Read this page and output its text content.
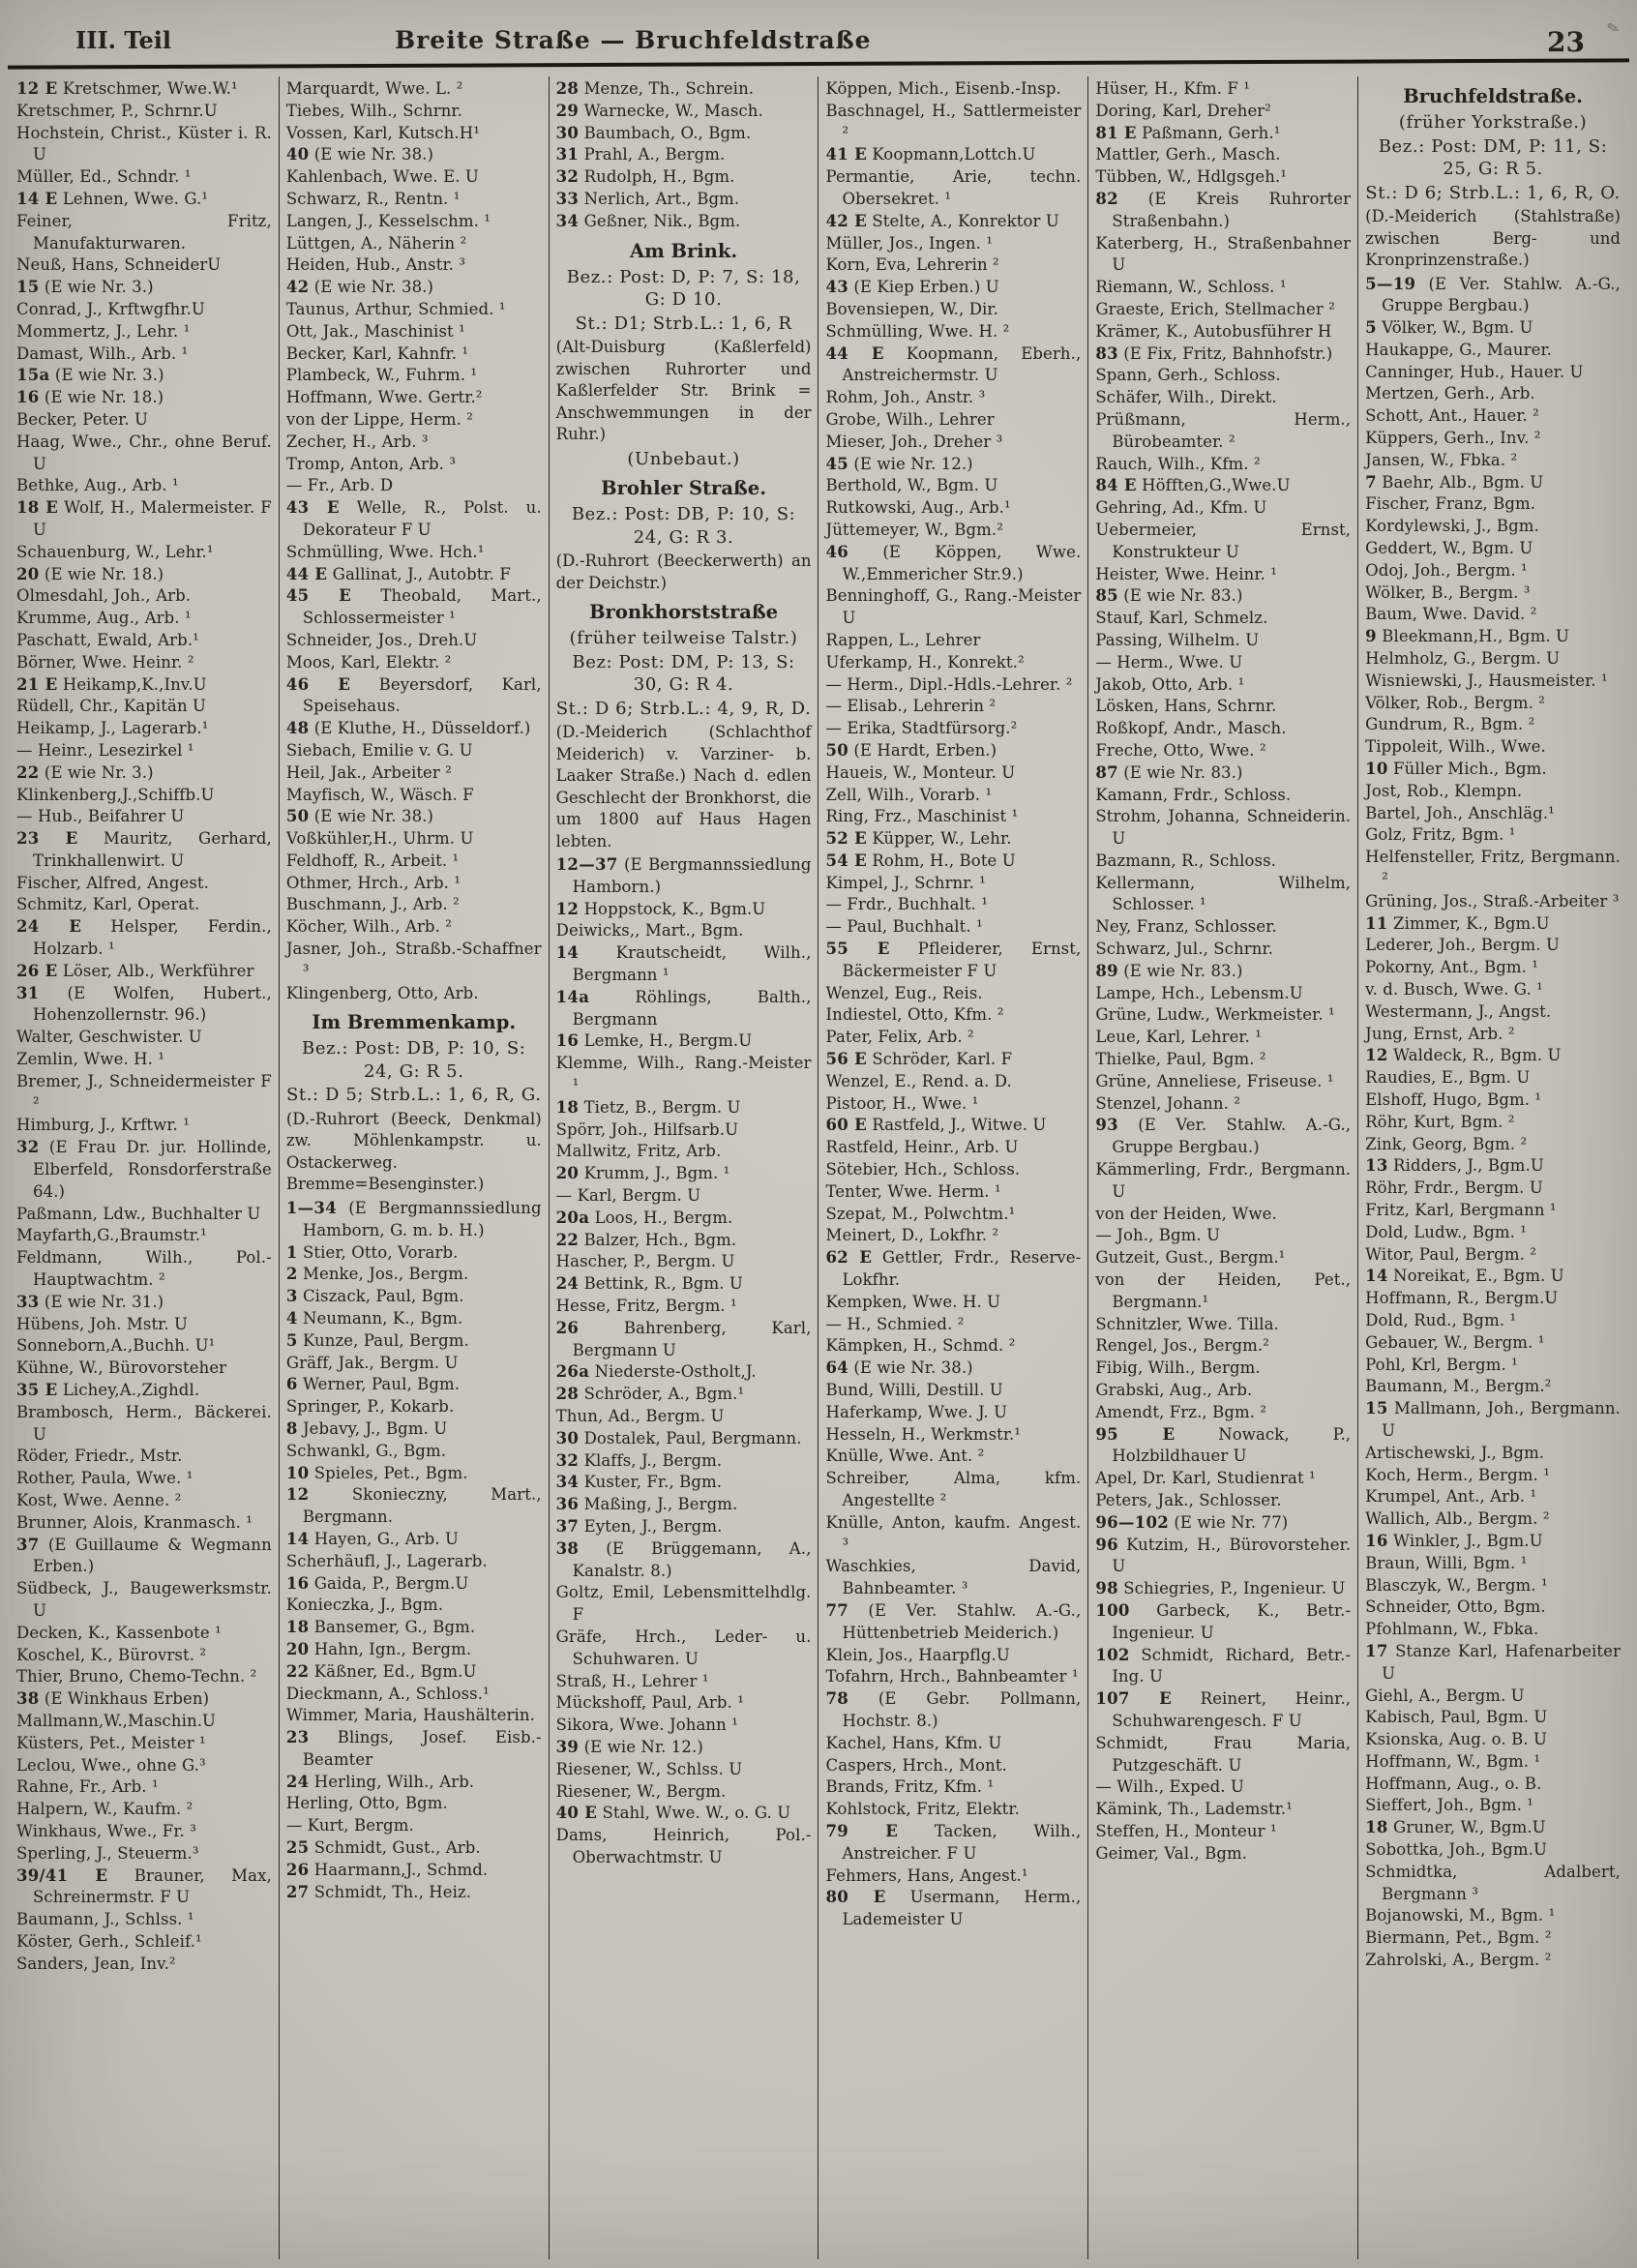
III. Teil	Breite Straße — Bruchfeldstraße	23 ✎

12 E Kretschmer, Wwe.W.¹

Kretschmer, P., Schrnr.U

Hochstein, Christ., Küster i. R. U

Müller, Ed., Schndr. ¹

14 E Lehnen, Wwe. G.¹

Feiner, Fritz, Manufakturwaren.

Neuß, Hans, SchneiderU

15 (E wie Nr. 3.)

Conrad, J., Krftwgfhr.U

Mommertz, J., Lehr. ¹

Damast, Wilh., Arb. ¹

15a (E wie Nr. 3.)

16 (E wie Nr. 18.)

Becker, Peter. U

Haag, Wwe., Chr., ohne Beruf. U

Bethke, Aug., Arb. ¹

18 E Wolf, H., Malermeister. F U

Schauenburg, W., Lehr.¹

20 (E wie Nr. 18.)

Olmesdahl, Joh., Arb.

Krumme, Aug., Arb. ¹

Paschatt, Ewald, Arb.¹

Börner, Wwe. Heinr. ²

21 E Heikamp,K.,Inv.U

Rüdell, Chr., Kapitän U

Heikamp, J., Lagerarb.¹

— Heinr., Lesezirkel ¹

22 (E wie Nr. 3.)

Klinkenberg,J.,Schiffb.U

— Hub., Beifahrer U

23 E Mauritz, Gerhard, Trinkhallenwirt. U

Fischer, Alfred, Angest.

Schmitz, Karl, Operat.

24 E Helsper, Ferdin., Holzarb. ¹

26 E Löser, Alb., Werkführer

31 (E Wolfen, Hubert., Hohenzollernstr. 96.)

Walter, Geschwister. U

Zemlin, Wwe. H. ¹

Bremer, J., Schneidermeister F ²

Himburg, J., Krftwr. ¹

32 (E Frau Dr. jur. Hollinde, Elberfeld, Ronsdorferstraße 64.)

Paßmann, Ldw., Buchhalter U

Mayfarth,G.,Braumstr.¹

Feldmann, Wilh., Pol.-Hauptwachtm. ²

33 (E wie Nr. 31.)

Hübens, Joh. Mstr. U

Sonneborn,A.,Buchh. U¹

Kühne, W., Bürovorsteher

35 E Lichey,A.,Zighdl.

Brambosch, Herm., Bäckerei. U

Röder, Friedr., Mstr.

Rother, Paula, Wwe. ¹

Kost, Wwe. Aenne. ²

Brunner, Alois, Kranmasch. ¹

37 (E Guillaume & Wegmann Erben.)

Südbeck, J., Baugewerksmstr. U

Decken, K., Kassenbote ¹

Koschel, K., Bürovrst. ²

Thier, Bruno, Chemo-Techn. ²

38 (E Winkhaus Erben)

Mallmann,W.,Maschin.U

Küsters, Pet., Meister ¹

Leclou, Wwe., ohne G.³

Rahne, Fr., Arb. ¹

Halpern, W., Kaufm. ²

Winkhaus, Wwe., Fr. ³

Sperling, J., Steuerm.³

39/41 E Brauner, Max, Schreinermstr. F U

Baumann, J., Schlss. ¹

Köster, Gerh., Schleif.¹

Sanders, Jean, Inv.²

Marquardt, Wwe. L. ²

Tiebes, Wilh., Schrnr.

Vossen, Karl, Kutsch.H¹

40 (E wie Nr. 38.)

Kahlenbach, Wwe. E. U

Schwarz, R., Rentn. ¹

Langen, J., Kesselschm. ¹

Lüttgen, A., Näherin ²

Heiden, Hub., Anstr. ³

42 (E wie Nr. 38.)

Taunus, Arthur, Schmied. ¹

Ott, Jak., Maschinist ¹

Becker, Karl, Kahnfr. ¹

Plambeck, W., Fuhrm. ¹

Hoffmann, Wwe. Gertr.²

von der Lippe, Herm. ²

Zecher, H., Arb. ³

Tromp, Anton, Arb. ³

— Fr., Arb. D

43 E Welle, R., Polst. u. Dekorateur F U

Schmülling, Wwe. Hch.¹

44 E Gallinat, J., Autobtr. F

45 E Theobald, Mart., Schlossermeister ¹

Schneider, Jos., Dreh.U

Moos, Karl, Elektr. ²

46 E Beyersdorf, Karl, Speisehaus.

48 (E Kluthe, H., Düsseldorf.)

Siebach, Emilie v. G. U

Heil, Jak., Arbeiter ²

Mayfisch, W., Wäsch. F

50 (E wie Nr. 38.)

Voßkühler,H., Uhrm. U

Feldhoff, R., Arbeit. ¹

Othmer, Hrch., Arb. ¹

Buschmann, J., Arb. ²

Köcher, Wilh., Arb. ²

Jasner, Joh., Straßb.-Schaffner ³

Klingenberg, Otto, Arb.

Im Bremmenkamp.

Bez.: Post: DB, P: 10, S: 24, G: R 5.

St.: D 5; Strb.L.: 1, 6, R, G.

(D.-Ruhrort (Beeck, Denkmal) zw. Möhlenkampstr. u. Ostackerweg. Bremme=Besenginster.)

1—34 (E Bergmannssiedlung Hamborn, G. m. b. H.)

1 Stier, Otto, Vorarb.

2 Menke, Jos., Bergm.

3 Ciszack, Paul, Bgm.

4 Neumann, K., Bgm.

5 Kunze, Paul, Bergm.

Gräff, Jak., Bergm. U

6 Werner, Paul, Bgm.

Springer, P., Kokarb.

8 Jebavy, J., Bgm. U

Schwankl, G., Bgm.

10 Spieles, Pet., Bgm.

12 Skonieczny, Mart., Bergmann.

14 Hayen, G., Arb. U

Scherhäufl, J., Lagerarb.

16 Gaida, P., Bergm.U

Konieczka, J., Bgm.

18 Bansemer, G., Bgm.

20 Hahn, Ign., Bergm.

22 Käßner, Ed., Bgm.U

Dieckmann, A., Schloss.¹

Wimmer, Maria, Haushälterin.

23 Blings, Josef. Eisb.-Beamter

24 Herling, Wilh., Arb.

Herling, Otto, Bgm.

— Kurt, Bergm.

25 Schmidt, Gust., Arb.

26 Haarmann,J., Schmd.

27 Schmidt, Th., Heiz.

28 Menze, Th., Schrein.

29 Warnecke, W., Masch.

30 Baumbach, O., Bgm.

31 Prahl, A., Bergm.

32 Rudolph, H., Bgm.

33 Nerlich, Art., Bgm.

34 Geßner, Nik., Bgm.

Am Brink.

Bez.: Post: D, P: 7, S: 18, G: D 10.

St.: D1; Strb.L.: 1, 6, R

(Alt-Duisburg (Kaßlerfeld) zwischen Ruhrorter und Kaßlerfelder Str. Brink = Anschwemmungen in der Ruhr.)

(Unbebaut.)

Brohler Straße.

Bez.: Post: DB, P: 10, S: 24, G: R 3.

(D.-Ruhrort (Beeckerwerth) an der Deichstr.)

Bronkhorststraße

(früher teilweise Talstr.)

Bez: Post: DM, P: 13, S: 30, G: R 4.

St.: D 6; Strb.L.: 4, 9, R, D.

(D.-Meiderich (Schlachthof Meiderich) v. Varziner- b. Laaker Straße.) Nach d. edlen Geschlecht der Bronkhorst, die um 1800 auf Haus Hagen lebten.

12—37 (E Bergmannssiedlung Hamborn.)

12 Hoppstock, K., Bgm.U

Deiwicks,, Mart., Bgm.

14 Krautscheidt, Wilh., Bergmann ¹

14a Röhlings, Balth., Bergmann

16 Lemke, H., Bergm.U

Klemme, Wilh., Rang.-Meister ¹

18 Tietz, B., Bergm. U

Spörr, Joh., Hilfsarb.U

Mallwitz, Fritz, Arb.

20 Krumm, J., Bgm. ¹

— Karl, Bergm. U

20a Loos, H., Bergm.

22 Balzer, Hch., Bgm.

Hascher, P., Bergm. U

24 Bettink, R., Bgm. U

Hesse, Fritz, Bergm. ¹

26 Bahrenberg, Karl, Bergmann U

26a Niederste-Ostholt,J.

28 Schröder, A., Bgm.¹

Thun, Ad., Bergm. U

30 Dostalek, Paul, Bergmann.

32 Klaffs, J., Bergm.

34 Kuster, Fr., Bgm.

36 Maßing, J., Bergm.

37 Eyten, J., Bergm.

38 (E Brüggemann, A., Kanalstr. 8.)

Goltz, Emil, Lebensmittelhdlg. F

Gräfe, Hrch., Leder- u. Schuhwaren. U

Straß, H., Lehrer ¹

Mückshoff, Paul, Arb. ¹

Sikora, Wwe. Johann ¹

39 (E wie Nr. 12.)

Riesener, W., Schlss. U

Riesener, W., Bergm.

40 E Stahl, Wwe. W., o. G. U

Dams, Heinrich, Pol.-Oberwachtmstr. U

Köppen, Mich., Eisenb.-Insp.

Baschnagel, H., Sattlermeister ²

41 E Koopmann,Lottch.U

Permantie, Arie, techn. Obersekret. ¹

42 E Stelte, A., Konrektor U

Müller, Jos., Ingen. ¹

Korn, Eva, Lehrerin ²

43 (E Kiep Erben.) U

Bovensiepen, W., Dir.

Schmülling, Wwe. H. ²

44 E Koopmann, Eberh., Anstreichermstr. U

Rohm, Joh., Anstr. ³

Grobe, Wilh., Lehrer

Mieser, Joh., Dreher ³

45 (E wie Nr. 12.)

Berthold, W., Bgm. U

Rutkowski, Aug., Arb.¹

Jüttemeyer, W., Bgm.²

46 (E Köppen, Wwe. W.,Emmericher Str.9.)

Benninghoff, G., Rang.-Meister U

Rappen, L., Lehrer

Uferkamp, H., Konrekt.²

— Herm., Dipl.-Hdls.-Lehrer. ²

— Elisab., Lehrerin ²

— Erika, Stadtfürsorg.²

50 (E Hardt, Erben.)

Haueis, W., Monteur. U

Zell, Wilh., Vorarb. ¹

Ring, Frz., Maschinist ¹

52 E Küpper, W., Lehr.

54 E Rohm, H., Bote U

Kimpel, J., Schrnr. ¹

— Frdr., Buchhalt. ¹

— Paul, Buchhalt. ¹

55 E Pfleiderer, Ernst, Bäckermeister F U

Wenzel, Eug., Reis.

Indiestel, Otto, Kfm. ²

Pater, Felix, Arb. ²

56 E Schröder, Karl. F

Wenzel, E., Rend. a. D.

Pistoor, H., Wwe. ¹

60 E Rastfeld, J., Witwe. U

Rastfeld, Heinr., Arb. U

Sötebier, Hch., Schloss.

Tenter, Wwe. Herm. ¹

Szepat, M., Polwchtm.¹

Meinert, D., Lokfhr. ²

62 E Gettler, Frdr., Reserve-Lokfhr.

Kempken, Wwe. H. U

— H., Schmied. ²

Kämpken, H., Schmd. ²

64 (E wie Nr. 38.)

Bund, Willi, Destill. U

Haferkamp, Wwe. J. U

Hesseln, H., Werkmstr.¹

Knülle, Wwe. Ant. ²

Schreiber, Alma, kfm. Angestellte ²

Knülle, Anton, kaufm. Angest. ³

Waschkies, David, Bahnbeamter. ³

77 (E Ver. Stahlw. A.-G., Hüttenbetrieb Meiderich.)

Klein, Jos., Haarpflg.U

Tofahrn, Hrch., Bahnbeamter ¹

78 (E Gebr. Pollmann, Hochstr. 8.)

Kachel, Hans, Kfm. U

Caspers, Hrch., Mont.

Brands, Fritz, Kfm. ¹

Kohlstock, Fritz, Elektr.

79 E Tacken, Wilh., Anstreicher. F U

Fehmers, Hans, Angest.¹

80 E Usermann, Herm., Lademeister U

Hüser, H., Kfm. F ¹

Doring, Karl, Dreher²

81 E Paßmann, Gerh.¹

Mattler, Gerh., Masch.

Tübben, W., Hdlgsgeh.¹

82 (E Kreis Ruhrorter Straßenbahn.)

Katerberg, H., Straßenbahner U

Riemann, W., Schloss. ¹

Graeste, Erich, Stellmacher ²

Krämer, K., Autobusführer H

83 (E Fix, Fritz, Bahnhofstr.)

Spann, Gerh., Schloss.

Schäfer, Wilh., Direkt.

Prüßmann, Herm., Bürobeamter. ²

Rauch, Wilh., Kfm. ²

84 E Höfften,G.,Wwe.U

Gehring, Ad., Kfm. U

Uebermeier, Ernst, Konstrukteur U

Heister, Wwe. Heinr. ¹

85 (E wie Nr. 83.)

Stauf, Karl, Schmelz.

Passing, Wilhelm. U

— Herm., Wwe. U

Jakob, Otto, Arb. ¹

Lösken, Hans, Schrnr.

Roßkopf, Andr., Masch.

Freche, Otto, Wwe. ²

87 (E wie Nr. 83.)

Kamann, Frdr., Schloss.

Strohm, Johanna, Schneiderin. U

Bazmann, R., Schloss.

Kellermann, Wilhelm, Schlosser. ¹

Ney, Franz, Schlosser.

Schwarz, Jul., Schrnr.

89 (E wie Nr. 83.)

Lampe, Hch., Lebensm.U

Grüne, Ludw., Werkmeister. ¹

Leue, Karl, Lehrer. ¹

Thielke, Paul, Bgm. ²

Grüne, Anneliese, Friseuse. ¹

Stenzel, Johann. ²

93 (E Ver. Stahlw. A.-G., Gruppe Bergbau.)

Kämmerling, Frdr., Bergmann. U

von der Heiden, Wwe.

— Joh., Bgm. U

Gutzeit, Gust., Bergm.¹

von der Heiden, Pet., Bergmann.¹

Schnitzler, Wwe. Tilla.

Rengel, Jos., Bergm.²

Fibig, Wilh., Bergm.

Grabski, Aug., Arb.

Amendt, Frz., Bgm. ²

95 E Nowack, P., Holzbildhauer U

Apel, Dr. Karl, Studienrat ¹

Peters, Jak., Schlosser.

96—102 (E wie Nr. 77)

96 Kutzim, H., Bürovorsteher. U

98 Schiegries, P., Ingenieur. U

100 Garbeck, K., Betr.-Ingenieur. U

102 Schmidt, Richard, Betr.-Ing. U

107 E Reinert, Heinr., Schuhwarengesch. F U

Schmidt, Frau Maria, Putzgeschäft. U

— Wilh., Exped. U

Kämink, Th., Lademstr.¹

Steffen, H., Monteur ¹

Geimer, Val., Bgm.

Bruchfeldstraße.

(früher Yorkstraße.)

Bez.: Post: DM, P: 11, S: 25, G: R 5.

St.: D 6; Strb.L.: 1, 6, R, O.

(D.-Meiderich (Stahlstraße) zwischen Berg- und Kronprinzenstraße.)

5—19 (E Ver. Stahlw. A.-G., Gruppe Bergbau.)

5 Völker, W., Bgm. U

Haukappe, G., Maurer.

Canninger, Hub., Hauer. U

Mertzen, Gerh., Arb.

Schott, Ant., Hauer. ²

Küppers, Gerh., Inv. ²

Jansen, W., Fbka. ²

7 Baehr, Alb., Bgm. U

Fischer, Franz, Bgm.

Kordylewski, J., Bgm.

Geddert, W., Bgm. U

Odoj, Joh., Bergm. ¹

Wölker, B., Bergm. ³

Baum, Wwe. David. ²

9 Bleekmann,H., Bgm. U

Helmholz, G., Bergm. U

Wisniewski, J., Hausmeister. ¹

Völker, Rob., Bergm. ²

Gundrum, R., Bgm. ²

Tippoleit, Wilh., Wwe.

10 Füller Mich., Bgm.

Jost, Rob., Klempn.

Bartel, Joh., Anschläg.¹

Golz, Fritz, Bgm. ¹

Helfensteller, Fritz, Bergmann. ²

Grüning, Jos., Straß.-Arbeiter ³

11 Zimmer, K., Bgm.U

Lederer, Joh., Bergm. U

Pokorny, Ant., Bgm. ¹

v. d. Busch, Wwe. G. ¹

Westermann, J., Angst.

Jung, Ernst, Arb. ²

12 Waldeck, R., Bgm. U

Raudies, E., Bgm. U

Elshoff, Hugo, Bgm. ¹

Röhr, Kurt, Bgm. ²

Zink, Georg, Bgm. ²

13 Ridders, J., Bgm.U

Röhr, Frdr., Bergm. U

Fritz, Karl, Bergmann ¹

Dold, Ludw., Bgm. ¹

Witor, Paul, Bergm. ²

14 Noreikat, E., Bgm. U

Hoffmann, R., Bergm.U

Dold, Rud., Bgm. ¹

Gebauer, W., Bergm. ¹

Pohl, Krl, Bergm. ¹

Baumann, M., Bergm.²

15 Mallmann, Joh., Bergmann. U

Artischewski, J., Bgm.

Koch, Herm., Bergm. ¹

Krumpel, Ant., Arb. ¹

Wallich, Alb., Bergm. ²

16 Winkler, J., Bgm.U

Braun, Willi, Bgm. ¹

Blasczyk, W., Bergm. ¹

Schneider, Otto, Bgm.

Pfohlmann, W., Fbka.

17 Stanze Karl, Hafenarbeiter U

Giehl, A., Bergm. U

Kabisch, Paul, Bgm. U

Ksionska, Aug. o. B. U

Hoffmann, W., Bgm. ¹

Hoffmann, Aug., o. B.

Sieffert, Joh., Bgm. ¹

18 Gruner, W., Bgm.U

Sobottka, Joh., Bgm.U

Schmidtka, Adalbert, Bergmann ³

Bojanowski, M., Bgm. ¹

Biermann, Pet., Bgm. ²

Zahrolski, A., Bergm. ²
